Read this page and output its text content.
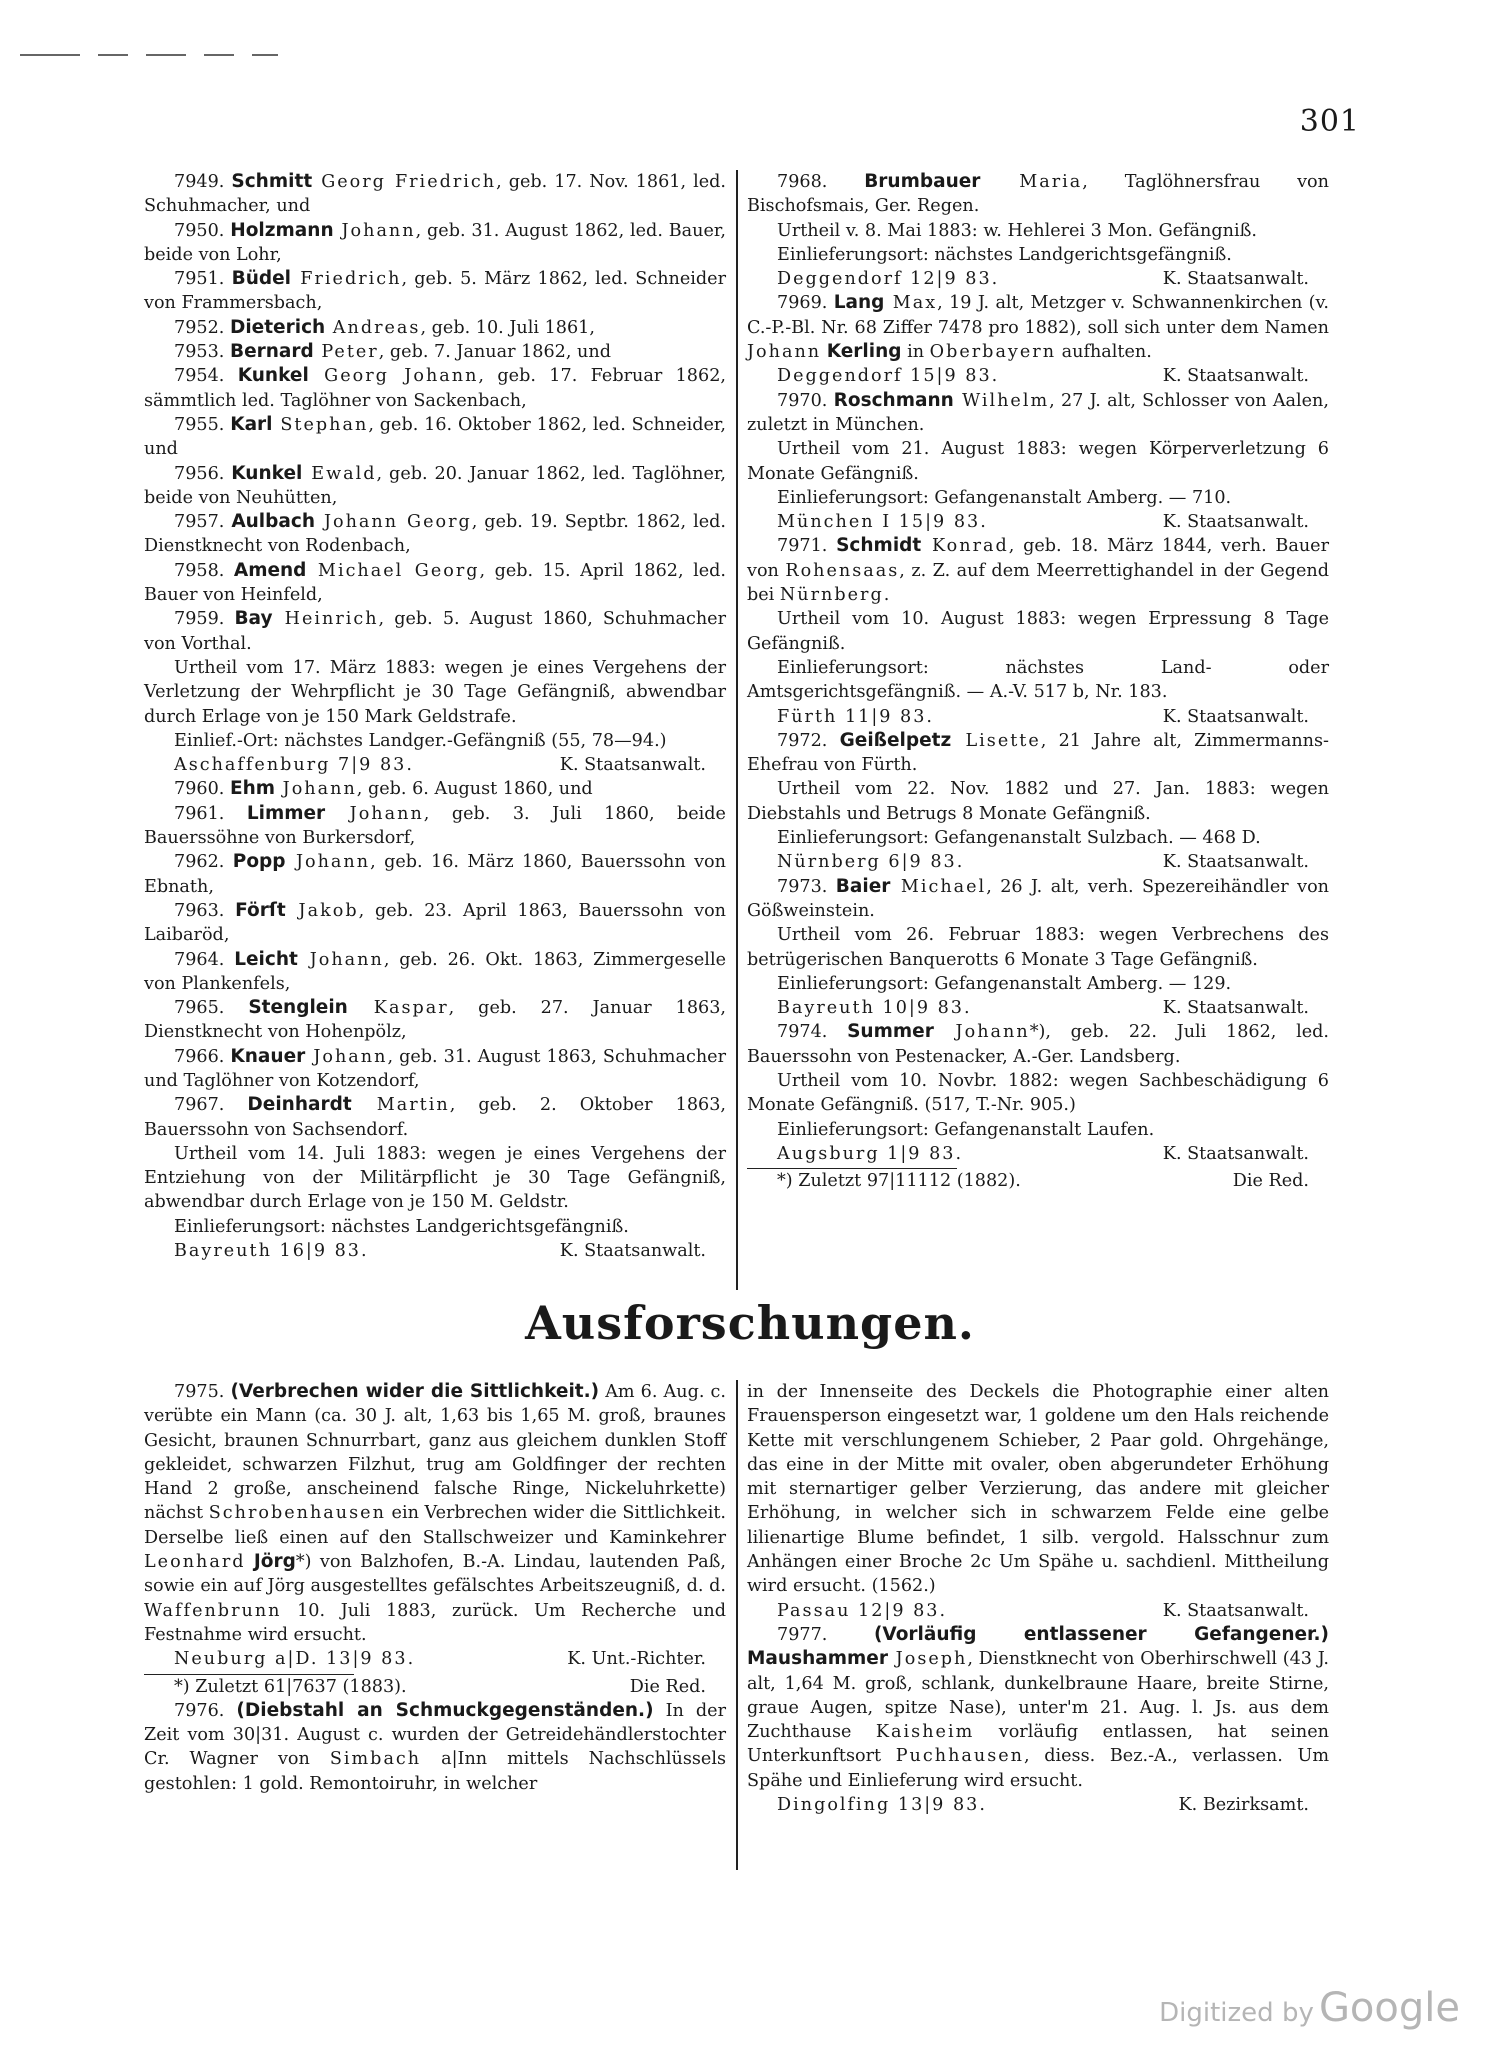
301
7949. Schmitt Georg Friedrich, geb. 17. Nov. 1861, led. Schuhmacher, und
7950. Holzmann Johann, geb. 31. August 1862, led. Bauer, beide von Lohr,
7951. Büdel Friedrich, geb. 5. März 1862, led. Schneider von Frammersbach,
7952. Dieterich Andreas, geb. 10. Juli 1861,
7953. Bernard Peter, geb. 7. Januar 1862, und
7954. Kunkel Georg Johann, geb. 17. Februar 1862, sämmtlich led. Taglöhner von Sackenbach,
7955. Karl Stephan, geb. 16. Oktober 1862, led. Schneider, und
7956. Kunkel Ewald, geb. 20. Januar 1862, led. Taglöhner, beide von Neuhütten,
7957. Aulbach Johann Georg, geb. 19. Septbr. 1862, led. Dienstknecht von Rodenbach,
7958. Amend Michael Georg, geb. 15. April 1862, led. Bauer von Heinfeld,
7959. Bay Heinrich, geb. 5. August 1860, Schuhmacher von Vorthal.
Urtheil vom 17. März 1883: wegen je eines Vergehens der Verletzung der Wehrpflicht je 30 Tage Gefängniß, abwendbar durch Erlage von je 150 Mark Geldstrafe.
Einlief.-Ort: nächstes Landger.-Gefängniß (55, 78—94.)
Aschaffenburg 7|9 83.	K. Staatsanwalt.
7960. Ehm Johann, geb. 6. August 1860, und
7961. Limmer Johann, geb. 3. Juli 1860, beide Bauerssöhne von Burkersdorf,
7962. Popp Johann, geb. 16. März 1860, Bauerssohn von Ebnath,
7963. Förſt Jakob, geb. 23. April 1863, Bauerssohn von Laibaröd,
7964. Leicht Johann, geb. 26. Okt. 1863, Zimmergeselle von Plankenfels,
7965. Stenglein Kaspar, geb. 27. Januar 1863, Dienstknecht von Hohenpölz,
7966. Knauer Johann, geb. 31. August 1863, Schuhmacher und Taglöhner von Kotzendorf,
7967. Deinhardt Martin, geb. 2. Oktober 1863, Bauerssohn von Sachsendorf.
Urtheil vom 14. Juli 1883: wegen je eines Vergehens der Entziehung von der Militärpflicht je 30 Tage Gefängniß, abwendbar durch Erlage von je 150 M. Geldstr.
Einlieferungsort: nächstes Landgerichtsgefängniß.
Bayreuth 16|9 83.	K. Staatsanwalt.
7968. Brumbauer Maria, Taglöhnersfrau von Bischofsmais, Ger. Regen.
Urtheil v. 8. Mai 1883: w. Hehlerei 3 Mon. Gefängniß.
Einlieferungsort: nächstes Landgerichtsgefängniß.
Deggendorf 12|9 83.	K. Staatsanwalt.
7969. Lang Max, 19 J. alt, Metzger v. Schwannenkirchen (v. C.-P.-Bl. Nr. 68 Ziffer 7478 pro 1882), soll sich unter dem Namen Johann Kerling in Oberbayern aufhalten.
Deggendorf 15|9 83.	K. Staatsanwalt.
7970. Roschmann Wilhelm, 27 J. alt, Schlosser von Aalen, zuletzt in München.
Urtheil vom 21. August 1883: wegen Körperverletzung 6 Monate Gefängniß.
Einlieferungsort: Gefangenanstalt Amberg. — 710.
München I 15|9 83.	K. Staatsanwalt.
7971. Schmidt Konrad, geb. 18. März 1844, verh. Bauer von Rohensaas, z. Z. auf dem Meerrettighandel in der Gegend bei Nürnberg.
Urtheil vom 10. August 1883: wegen Erpressung 8 Tage Gefängniß.
Einlieferungsort: nächstes Land- oder Amtsgerichtsgefängniß. — A.-V. 517 b, Nr. 183.
Fürth 11|9 83.	K. Staatsanwalt.
7972. Geißelpetz Lisette, 21 Jahre alt, Zimmermanns-Ehefrau von Fürth.
Urtheil vom 22. Nov. 1882 und 27. Jan. 1883: wegen Diebstahls und Betrugs 8 Monate Gefängniß.
Einlieferungsort: Gefangenanstalt Sulzbach. — 468 D.
Nürnberg 6|9 83.	K. Staatsanwalt.
7973. Baier Michael, 26 J. alt, verh. Spezereihändler von Gößweinstein.
Urtheil vom 26. Februar 1883: wegen Verbrechens des betrügerischen Banquerotts 6 Monate 3 Tage Gefängniß.
Einlieferungsort: Gefangenanstalt Amberg. — 129.
Bayreuth 10|9 83.	K. Staatsanwalt.
7974. Summer Johann*), geb. 22. Juli 1862, led. Bauerssohn von Pestenacker, A.-Ger. Landsberg.
Urtheil vom 10. Novbr. 1882: wegen Sachbeschädigung 6 Monate Gefängniß. (517, T.-Nr. 905.)
Einlieferungsort: Gefangenanstalt Laufen.
Augsburg 1|9 83.	K. Staatsanwalt.
*) Zuletzt 97|11112 (1882).	Die Red.
Ausforschungen.
7975. (Verbrechen wider die Sittlichkeit.) Am 6. Aug. c. verübte ein Mann (ca. 30 J. alt, 1,63 bis 1,65 M. groß, braunes Gesicht, braunen Schnurrbart, ganz aus gleichem dunklen Stoff gekleidet, schwarzen Filzhut, trug am Goldfinger der rechten Hand 2 große, anscheinend falsche Ringe, Nickeluhrkette) nächst Schrobenhausen ein Verbrechen wider die Sittlichkeit. Derselbe ließ einen auf den Stallschweizer und Kaminkehrer Leonhard Jörg*) von Balzhofen, B.-A. Lindau, lautenden Paß, sowie ein auf Jörg ausgestelltes gefälschtes Arbeitszeugniß, d. d. Waffenbrunn 10. Juli 1883, zurück. Um Recherche und Festnahme wird ersucht.
Neuburg a|D. 13|9 83.	K. Unt.-Richter.
*) Zuletzt 61|7637 (1883).	Die Red.
7976. (Diebstahl an Schmuckgegenständen.) In der Zeit vom 30|31. August c. wurden der Getreidehändlerstochter Cr. Wagner von Simbach a|Inn mittels Nachschlüssels gestohlen: 1 gold. Remontoiruhr, in welcher
in der Innenseite des Deckels die Photographie einer alten Frauensperson eingesetzt war, 1 goldene um den Hals reichende Kette mit verschlungenem Schieber, 2 Paar gold. Ohrgehänge, das eine in der Mitte mit ovaler, oben abgerundeter Erhöhung mit sternartiger gelber Verzierung, das andere mit gleicher Erhöhung, in welcher sich in schwarzem Felde eine gelbe lilienartige Blume befindet, 1 silb. vergold. Halsschnur zum Anhängen einer Broche 2c Um Spähe u. sachdienl. Mittheilung wird ersucht. (1562.)
Passau 12|9 83.	K. Staatsanwalt.
7977. (Vorläufig entlassener Gefangener.) Maushammer Joseph, Dienstknecht von Oberhirschwell (43 J. alt, 1,64 M. groß, schlank, dunkelbraune Haare, breite Stirne, graue Augen, spitze Nase), unter'm 21. Aug. l. Js. aus dem Zuchthause Kaisheim vorläufig entlassen, hat seinen Unterkunftsort Puchhausen, diess. Bez.-A., verlassen. Um Spähe und Einlieferung wird ersucht.
Dingolfing 13|9 83.	K. Bezirksamt.
Digitized by Google
